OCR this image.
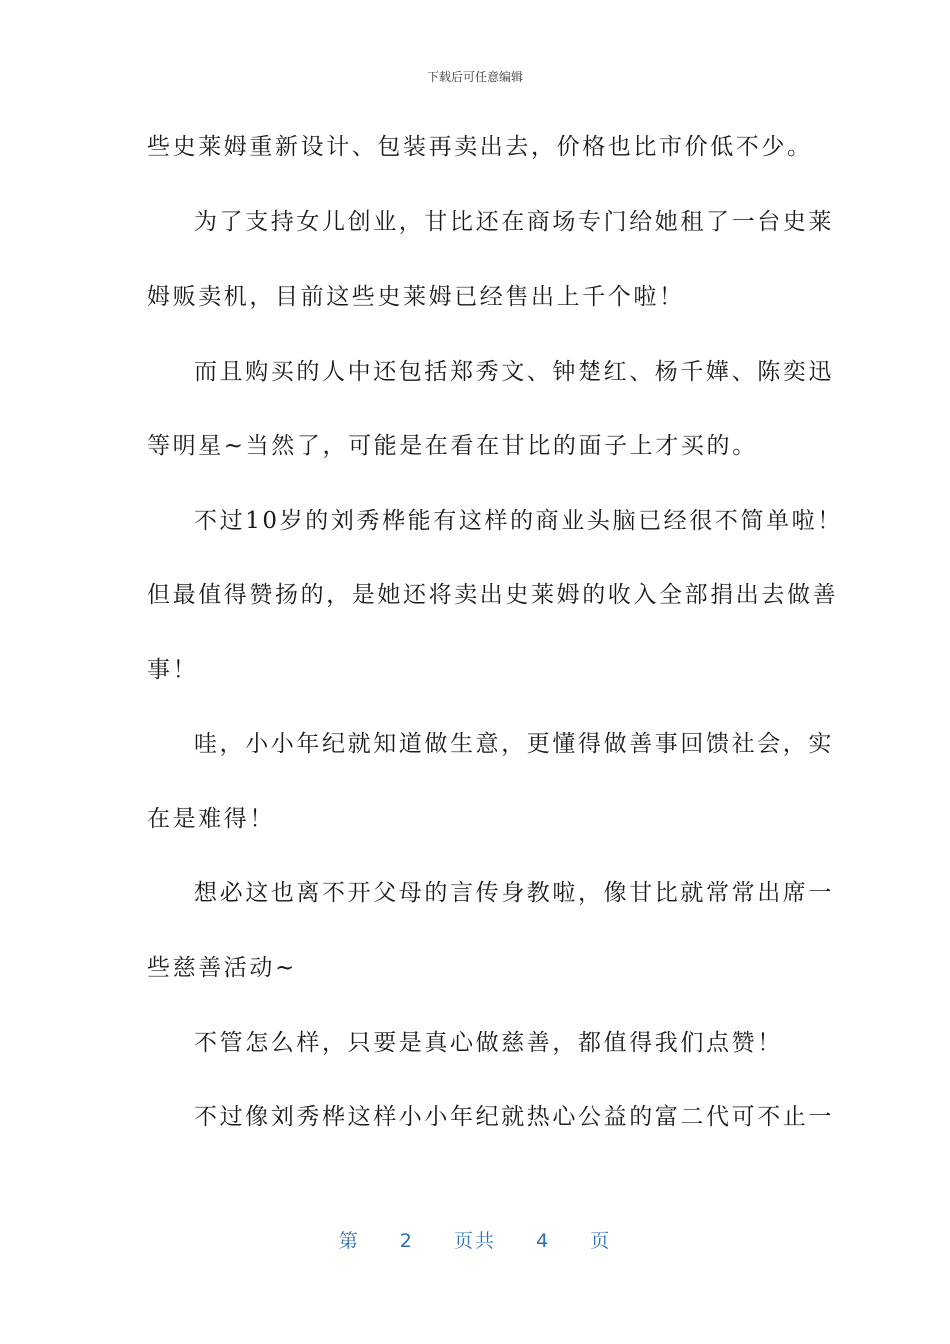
下载后可任意编辑
些史莱姆重新设计、包装再卖出去，价格也比市价低不少。
为了支持女儿创业，甘比还在商场专门给她租了一台史莱
姆贩卖机，目前这些史莱姆已经售出上千个啦！
而且购买的人中还包括郑秀文、钟楚红、杨千嬅、陈奕迅
等明星~当然了，可能是在看在甘比的面子上才买的。
不过10岁的刘秀桦能有这样的商业头脑已经很不简单啦！
但最值得赞扬的，是她还将卖出史莱姆的收入全部捐出去做善
事！
哇，小小年纪就知道做生意，更懂得做善事回馈社会，实
在是难得！
想必这也离不开父母的言传身教啦，像甘比就常常出席一
些慈善活动~
不管怎么样，只要是真心做慈善，都值得我们点赞！
不过像刘秀桦这样小小年纪就热心公益的富二代可不止一
第 2 页共 4 页
